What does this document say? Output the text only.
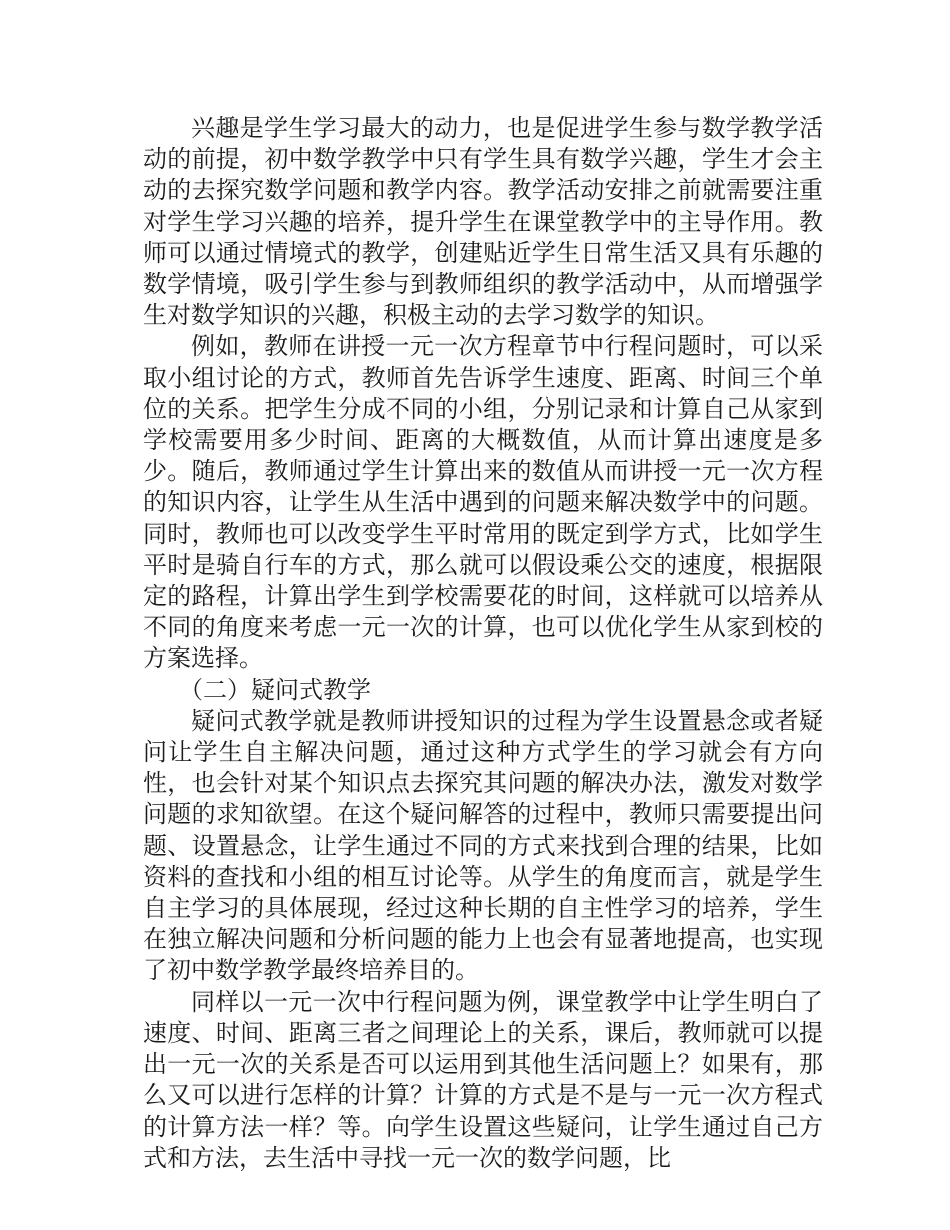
兴趣是学生学习最大的动力，也是促进学生参与数学教学活动的前提，初中数学教学中只有学生具有数学兴趣，学生才会主动的去探究数学问题和教学内容。教学活动安排之前就需要注重对学生学习兴趣的培养，提升学生在课堂教学中的主导作用。教师可以通过情境式的教学，创建贴近学生日常生活又具有乐趣的数学情境，吸引学生参与到教师组织的教学活动中，从而增强学生对数学知识的兴趣，积极主动的去学习数学的知识。

例如，教师在讲授一元一次方程章节中行程问题时，可以采取小组讨论的方式，教师首先告诉学生速度、距离、时间三个单位的关系。把学生分成不同的小组，分别记录和计算自己从家到学校需要用多少时间、距离的大概数值，从而计算出速度是多少。随后，教师通过学生计算出来的数值从而讲授一元一次方程的知识内容，让学生从生活中遇到的问题来解决数学中的问题。同时，教师也可以改变学生平时常用的既定到学方式，比如学生平时是骑自行车的方式，那么就可以假设乘公交的速度，根据限定的路程，计算出学生到学校需要花的时间，这样就可以培养从不同的角度来考虑一元一次的计算，也可以优化学生从家到校的方案选择。

（二）疑问式教学

疑问式教学就是教师讲授知识的过程为学生设置悬念或者疑问让学生自主解决问题，通过这种方式学生的学习就会有方向性，也会针对某个知识点去探究其问题的解决办法，激发对数学问题的求知欲望。在这个疑问解答的过程中，教师只需要提出问题、设置悬念，让学生通过不同的方式来找到合理的结果，比如资料的查找和小组的相互讨论等。从学生的角度而言，就是学生自主学习的具体展现，经过这种长期的自主性学习的培养，学生在独立解决问题和分析问题的能力上也会有显著地提高，也实现了初中数学教学最终培养目的。

同样以一元一次中行程问题为例，课堂教学中让学生明白了速度、时间、距离三者之间理论上的关系，课后，教师就可以提出一元一次的关系是否可以运用到其他生活问题上？如果有，那么又可以进行怎样的计算？计算的方式是不是与一元一次方程式的计算方法一样？等。向学生设置这些疑问，让学生通过自己方式和方法，去生活中寻找一元一次的数学问题，比
